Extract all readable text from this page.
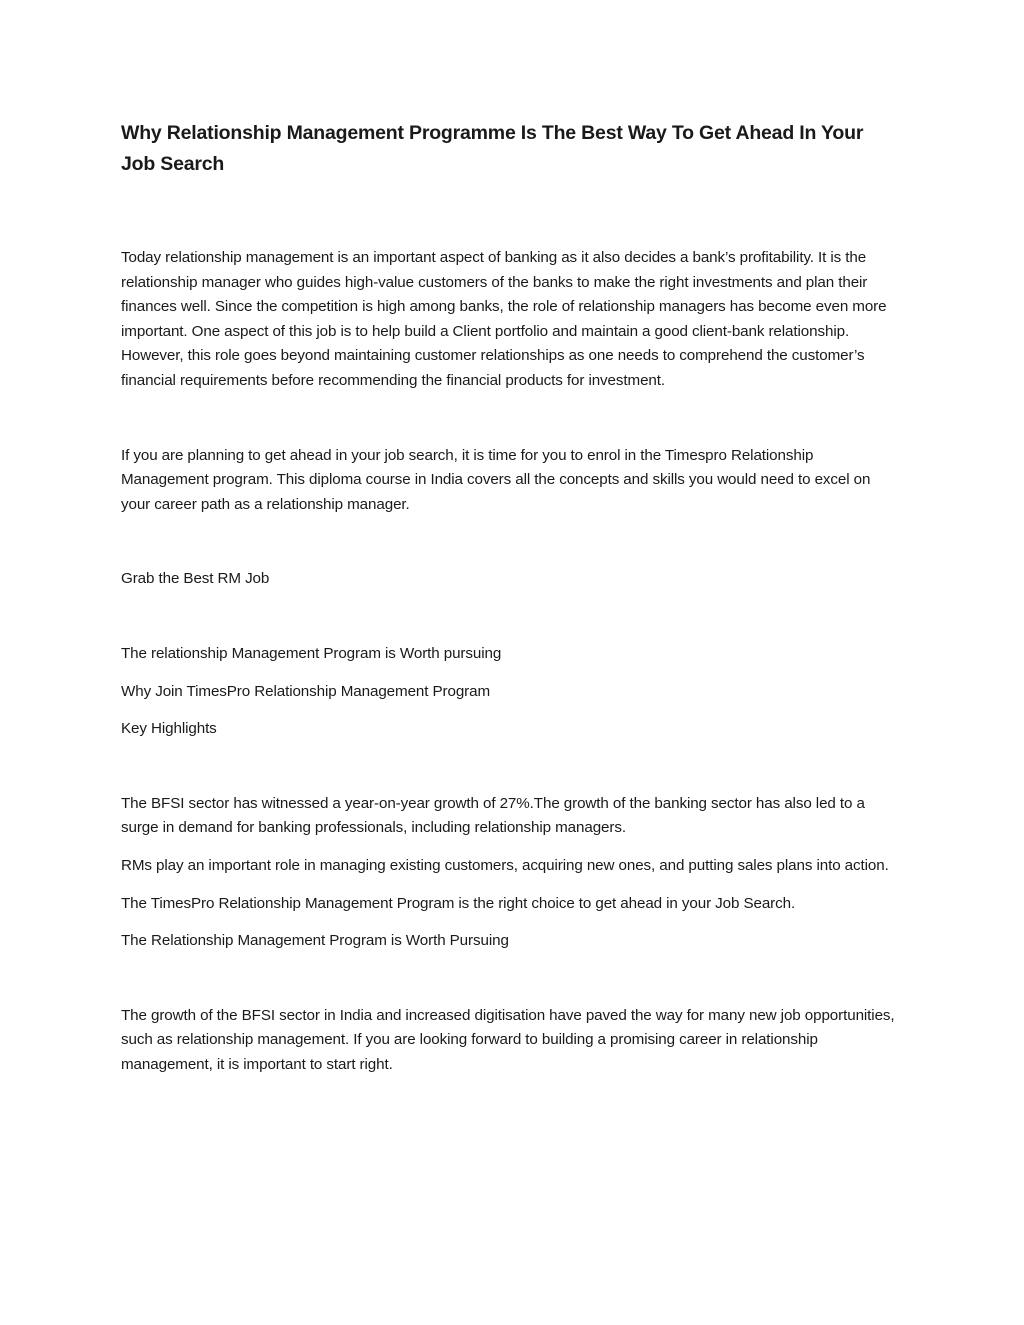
Why Relationship Management Programme Is The Best Way To Get Ahead In Your Job Search

Today relationship management is an important aspect of banking as it also decides a bank’s profitability. It is the relationship manager who guides high-value customers of the banks to make the right investments and plan their finances well. Since the competition is high among banks, the role of relationship managers has become even more important. One aspect of this job is to help build a Client portfolio and maintain a good client-bank relationship. However, this role goes beyond maintaining customer relationships as one needs to comprehend the customer’s financial requirements before recommending the financial products for investment.

If you are planning to get ahead in your job search, it is time for you to enrol in the Timespro Relationship Management program. This diploma course in India covers all the concepts and skills you would need to excel on your career path as a relationship manager.

Grab the Best RM Job

The relationship Management Program is Worth pursuing

Why Join TimesPro Relationship Management Program

Key Highlights

The BFSI sector has witnessed a year-on-year growth of 27%.The growth of the banking sector has also led to a surge in demand for banking professionals, including relationship managers.

RMs play an important role in managing existing customers, acquiring new ones, and putting sales plans into action.

The TimesPro Relationship Management Program is the right choice to get ahead in your Job Search.

The Relationship Management Program is Worth Pursuing

The growth of the BFSI sector in India and increased digitisation have paved the way for many new job opportunities, such as relationship management. If you are looking forward to building a promising career in relationship management, it is important to start right.
